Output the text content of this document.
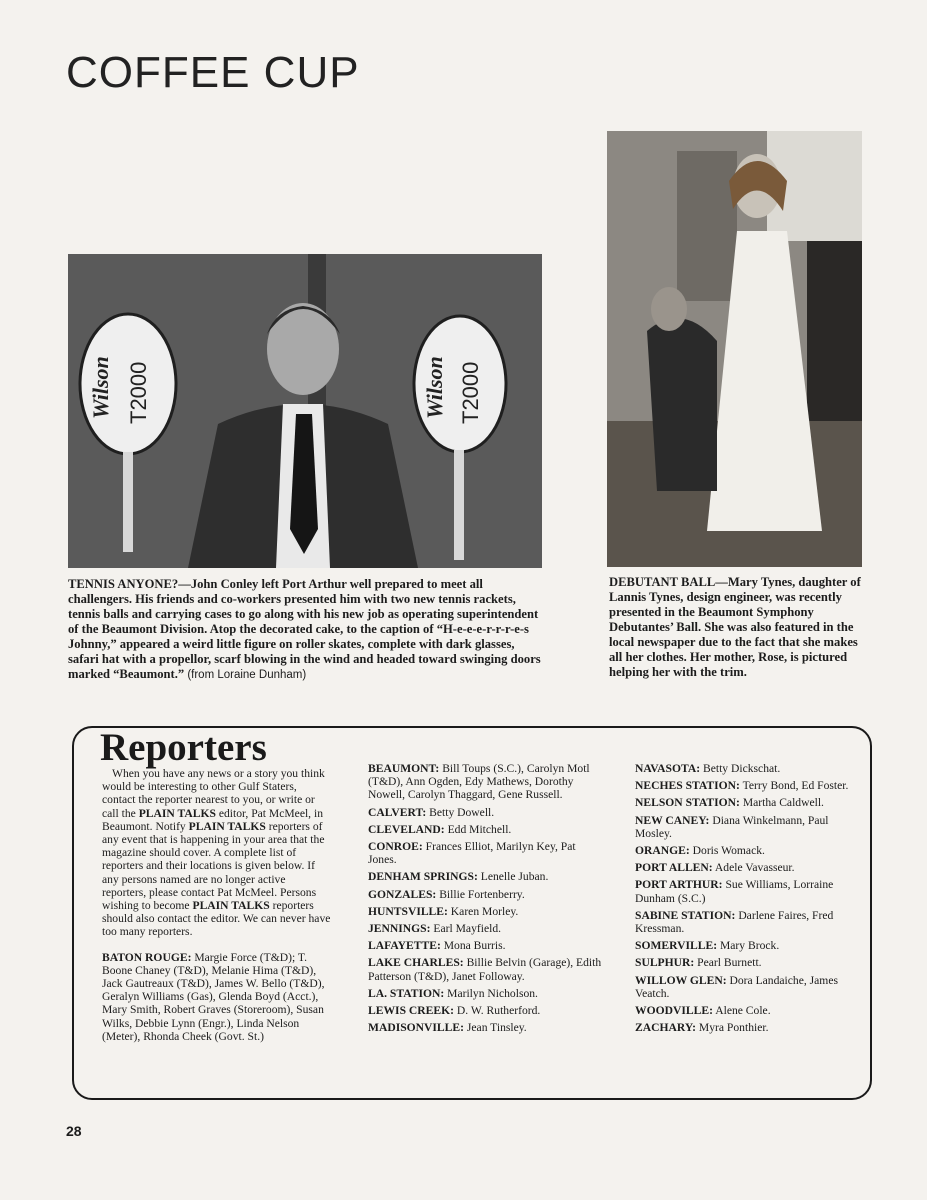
COFFEE CUP
Wilson T2000	Wilson T2000
TENNIS ANYONE?—John Conley left Port Arthur well prepared to meet all challengers. His friends and co-workers presented him with two new tennis rackets, tennis balls and carrying cases to go along with his new job as operating superintendent of the Beaumont Division. Atop the decorated cake, to the caption of “H-e-e-e-r-r-r-e-s Johnny,” appeared a weird little figure on roller skates, complete with dark glasses, safari hat with a propellor, scarf blowing in the wind and headed toward swinging doors marked “Beaumont.” (from Loraine Dunham)
DEBUTANT BALL—Mary Tynes, daughter of Lannis Tynes, design engineer, was recently presented in the Beaumont Symphony Debutantes’ Ball. She was also featured in the local newspaper due to the fact that she makes all her clothes. Her mother, Rose, is pictured helping her with the trim.
Reporters

When you have any news or a story you think would be interesting to other Gulf Staters, contact the reporter nearest to you, or write or call the PLAIN TALKS editor, Pat McMeel, in Beaumont. Notify PLAIN TALKS reporters of any event that is happening in your area that the magazine should cover. A complete list of reporters and their locations is given below. If any persons named are no longer active reporters, please contact Pat McMeel. Persons wishing to become PLAIN TALKS reporters should also contact the editor. We can never have too many reporters.

BATON ROUGE: Margie Force (T&D); T. Boone Chaney (T&D), Melanie Hima (T&D), Jack Gautreaux (T&D), James W. Bello (T&D), Geralyn Williams (Gas), Glenda Boyd (Acct.), Mary Smith, Robert Graves (Storeroom), Susan Wilks, Debbie Lynn (Engr.), Linda Nelson (Meter), Rhonda Cheek (Govt. St.)

BEAUMONT: Bill Toups (S.C.), Carolyn Motl (T&D), Ann Ogden, Edy Mathews, Dorothy Nowell, Carolyn Thaggard, Gene Russell.

CALVERT: Betty Dowell.

CLEVELAND: Edd Mitchell.

CONROE: Frances Elliot, Marilyn Key, Pat Jones.

DENHAM SPRINGS: Lenelle Juban.

GONZALES: Billie Fortenberry.

HUNTSVILLE: Karen Morley.

JENNINGS: Earl Mayfield.

LAFAYETTE: Mona Burris.

LAKE CHARLES: Billie Belvin (Garage), Edith Patterson (T&D), Janet Followay.

LA. STATION: Marilyn Nicholson.

LEWIS CREEK: D. W. Rutherford.

MADISONVILLE: Jean Tinsley.

NAVASOTA: Betty Dickschat.

NECHES STATION: Terry Bond, Ed Foster.

NELSON STATION: Martha Caldwell.

NEW CANEY: Diana Winkelmann, Paul Mosley.

ORANGE: Doris Womack.

PORT ALLEN: Adele Vavasseur.

PORT ARTHUR: Sue Williams, Lorraine Dunham (S.C.)

SABINE STATION: Darlene Faires, Fred Kressman.

SOMERVILLE: Mary Brock.

SULPHUR: Pearl Burnett.

WILLOW GLEN: Dora Landaiche, James Veatch.

WOODVILLE: Alene Cole.

ZACHARY: Myra Ponthier.

28
